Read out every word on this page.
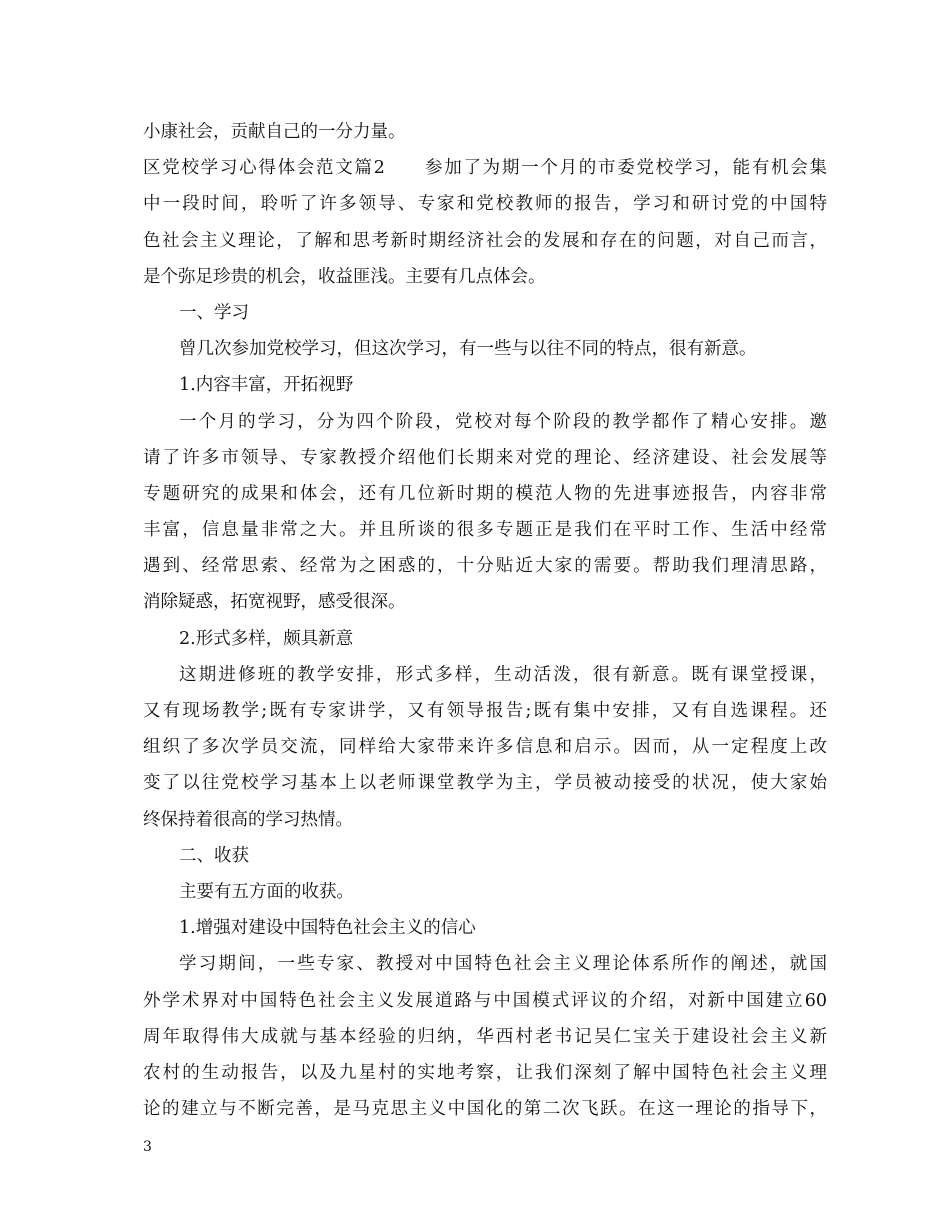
小康社会，贡献自己的一分力量。
区党校学习心得体会范文篇2　　参加了为期一个月的市委党校学习，能有机会集
中一段时间，聆听了许多领导、专家和党校教师的报告，学习和研讨党的中国特
色社会主义理论，了解和思考新时期经济社会的发展和存在的问题，对自己而言，
是个弥足珍贵的机会，收益匪浅。主要有几点体会。
一、学习
曾几次参加党校学习，但这次学习，有一些与以往不同的特点，很有新意。
1.内容丰富，开拓视野
一个月的学习，分为四个阶段，党校对每个阶段的教学都作了精心安排。邀
请了许多市领导、专家教授介绍他们长期来对党的理论、经济建设、社会发展等
专题研究的成果和体会，还有几位新时期的模范人物的先进事迹报告，内容非常
丰富，信息量非常之大。并且所谈的很多专题正是我们在平时工作、生活中经常
遇到、经常思索、经常为之困惑的，十分贴近大家的需要。帮助我们理清思路，
消除疑惑，拓宽视野，感受很深。
2.形式多样，颇具新意
这期进修班的教学安排，形式多样，生动活泼，很有新意。既有课堂授课，
又有现场教学;既有专家讲学，又有领导报告;既有集中安排，又有自选课程。还
组织了多次学员交流，同样给大家带来许多信息和启示。因而，从一定程度上改
变了以往党校学习基本上以老师课堂教学为主，学员被动接受的状况，使大家始
终保持着很高的学习热情。
二、收获
主要有五方面的收获。
1.增强对建设中国特色社会主义的信心
学习期间，一些专家、教授对中国特色社会主义理论体系所作的阐述，就国
外学术界对中国特色社会主义发展道路与中国模式评议的介绍，对新中国建立60
周年取得伟大成就与基本经验的归纳，华西村老书记吴仁宝关于建设社会主义新
农村的生动报告，以及九星村的实地考察，让我们深刻了解中国特色社会主义理
论的建立与不断完善，是马克思主义中国化的第二次飞跃。在这一理论的指导下，
3
